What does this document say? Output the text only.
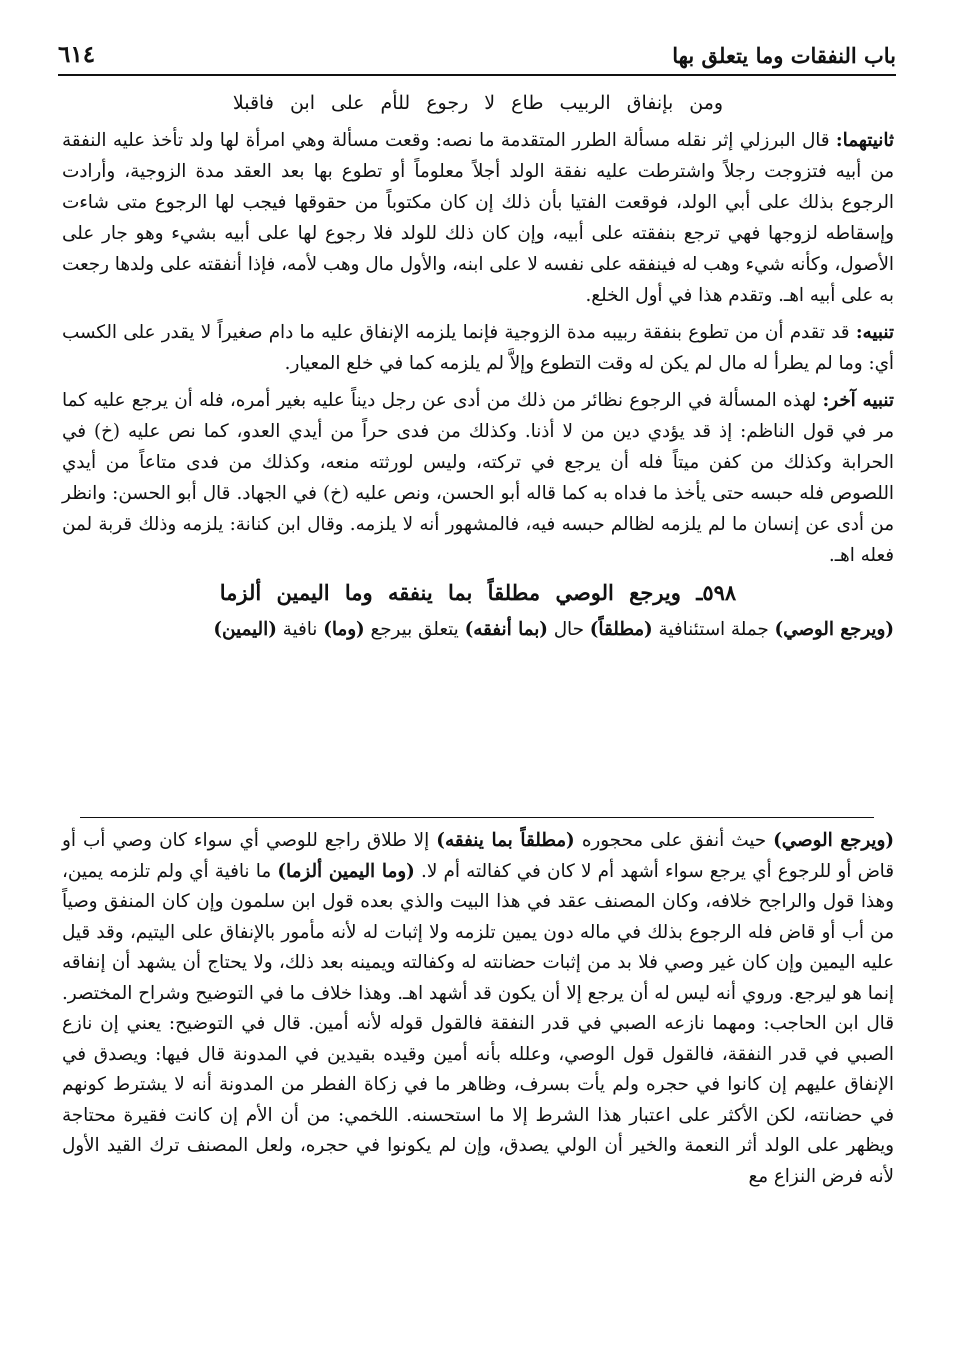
باب النفقات وما يتعلق بها
٦١٤

ومن بإنفاق الربيب طاع لا رجوع للأم على ابن فاقبلا

ثانيتهما: قال البرزلي إثر نقله مسألة الطرر المتقدمة ما نصه: وقعت مسألة وهي امرأة لها ولد تأخذ عليه النفقة من أبيه فتزوجت رجلاً واشترطت عليه نفقة الولد أجلاً معلوماً أو تطوع بها بعد العقد مدة الزوجية، وأرادت الرجوع بذلك على أبي الولد، فوقعت الفتيا بأن ذلك إن كان مكتوباً من حقوقها فيجب لها الرجوع متى شاءت وإسقاطه لزوجها فهي ترجع بنفقته على أبيه، وإن كان ذلك للولد فلا رجوع لها على أبيه بشيء وهو جار على الأصول، وكأنه شيء وهب له فينفقه على نفسه لا على ابنه، والأول مال وهب لأمه، فإذا أنفقته على ولدها رجعت به على أبيه اهـ. وتقدم هذا في أول الخلع.

تنبيه: قد تقدم أن من تطوع بنفقة ربيبه مدة الزوجية فإنما يلزمه الإنفاق عليه ما دام صغيراً لا يقدر على الكسب أي: وما لم يطرأ له مال لم يكن له وقت التطوع وإلاَّ لم يلزمه كما في خلع المعيار.

تنبيه آخر: لهذه المسألة في الرجوع نظائر من ذلك من أدى عن رجل ديناً عليه بغير أمره، فله أن يرجع عليه كما مر في قول الناظم: إذ قد يؤدي دين من لا أذنا. وكذلك من فدى حراً من أيدي العدو، كما نص عليه (خ) في الحرابة وكذلك من كفن ميتاً فله أن يرجع في تركته، وليس لورثته منعه، وكذلك من فدى متاعاً من أيدي اللصوص فله حبسه حتى يأخذ ما فداه به كما قاله أبو الحسن، ونص عليه (خ) في الجهاد. قال أبو الحسن: وانظر من أدى عن إنسان ما لم يلزمه لظالم حبسه فيه، فالمشهور أنه لا يلزمه. وقال ابن كنانة: يلزمه وذلك قربة لمن فعله اهـ.

٥٩٨ـ ويرجع الوصي مطلقاً بما ينفقه وما اليمين ألزما

(ويرجع الوصي) جملة استئنافية (مطلقاً) حال (بما أنفقه) يتعلق بيرجع (وما) نافية (اليمين)

(ويرجع الوصي) حيث أنفق على محجوره (مطلقاً بما ينفقه) إلا طلاق راجع للوصي أي سواء كان وصي أب أو قاض أو للرجوع أي يرجع سواء أشهد أم لا كان في كفالته أم لا. (وما اليمين ألزما) ما نافية أي ولم تلزمه يمين، وهذا قول والراجح خلافه، وكان المصنف عقد في هذا البيت والذي بعده قول ابن سلمون وإن كان المنفق وصياً من أب أو قاض فله الرجوع بذلك في ماله دون يمين تلزمه ولا إثبات له لأنه مأمور بالإنفاق على اليتيم، وقد قيل عليه اليمين وإن كان غير وصي فلا بد من إثبات حضانته له وكفالته ويمينه بعد ذلك، ولا يحتاج أن يشهد أن إنفاقه إنما هو ليرجع. وروي أنه ليس له أن يرجع إلا أن يكون قد أشهد اهـ. وهذا خلاف ما في التوضيح وشراح المختصر. قال ابن الحاجب: ومهما نازعه الصبي في قدر النفقة فالقول قوله لأنه أمين. قال في التوضيح: يعني إن نازع الصبي في قدر النفقة، فالقول قول الوصي، وعلله بأنه أمين وقيده بقيدين في المدونة قال فيها: ويصدق في الإنفاق عليهم إن كانوا في حجره ولم يأت بسرف، وظاهر ما في زكاة الفطر من المدونة أنه لا يشترط كونهم في حضانته، لكن الأكثر على اعتبار هذا الشرط إلا ما استحسنه. اللخمي: من أن الأم إن كانت فقيرة محتاجة ويظهر على الولد أثر النعمة والخير أن الولي يصدق، وإن لم يكونوا في حجره، ولعل المصنف ترك القيد الأول لأنه فرض النزاع مع
